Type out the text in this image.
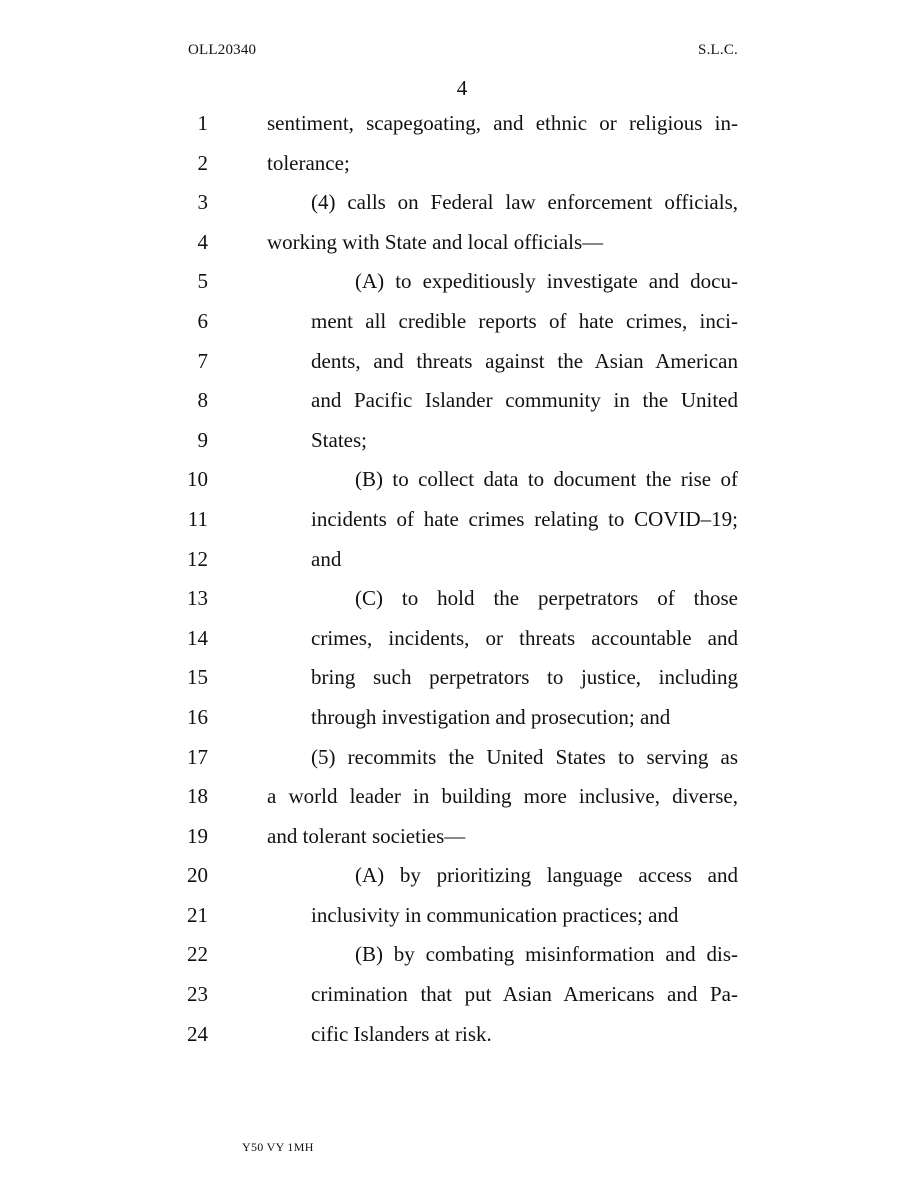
OLL20340	S.L.C.
4
1	sentiment, scapegoating, and ethnic or religious in-
2	tolerance;
3	(4) calls on Federal law enforcement officials,
4	working with State and local officials—
5	(A) to expeditiously investigate and docu-
6	ment all credible reports of hate crimes, inci-
7	dents, and threats against the Asian American
8	and Pacific Islander community in the United
9	States;
10	(B) to collect data to document the rise of
11	incidents of hate crimes relating to COVID–19;
12	and
13	(C) to hold the perpetrators of those
14	crimes, incidents, or threats accountable and
15	bring such perpetrators to justice, including
16	through investigation and prosecution; and
17	(5) recommits the United States to serving as
18	a world leader in building more inclusive, diverse,
19	and tolerant societies—
20	(A) by prioritizing language access and
21	inclusivity in communication practices; and
22	(B) by combating misinformation and dis-
23	crimination that put Asian Americans and Pa-
24	cific Islanders at risk.
Y50 VY 1MH
